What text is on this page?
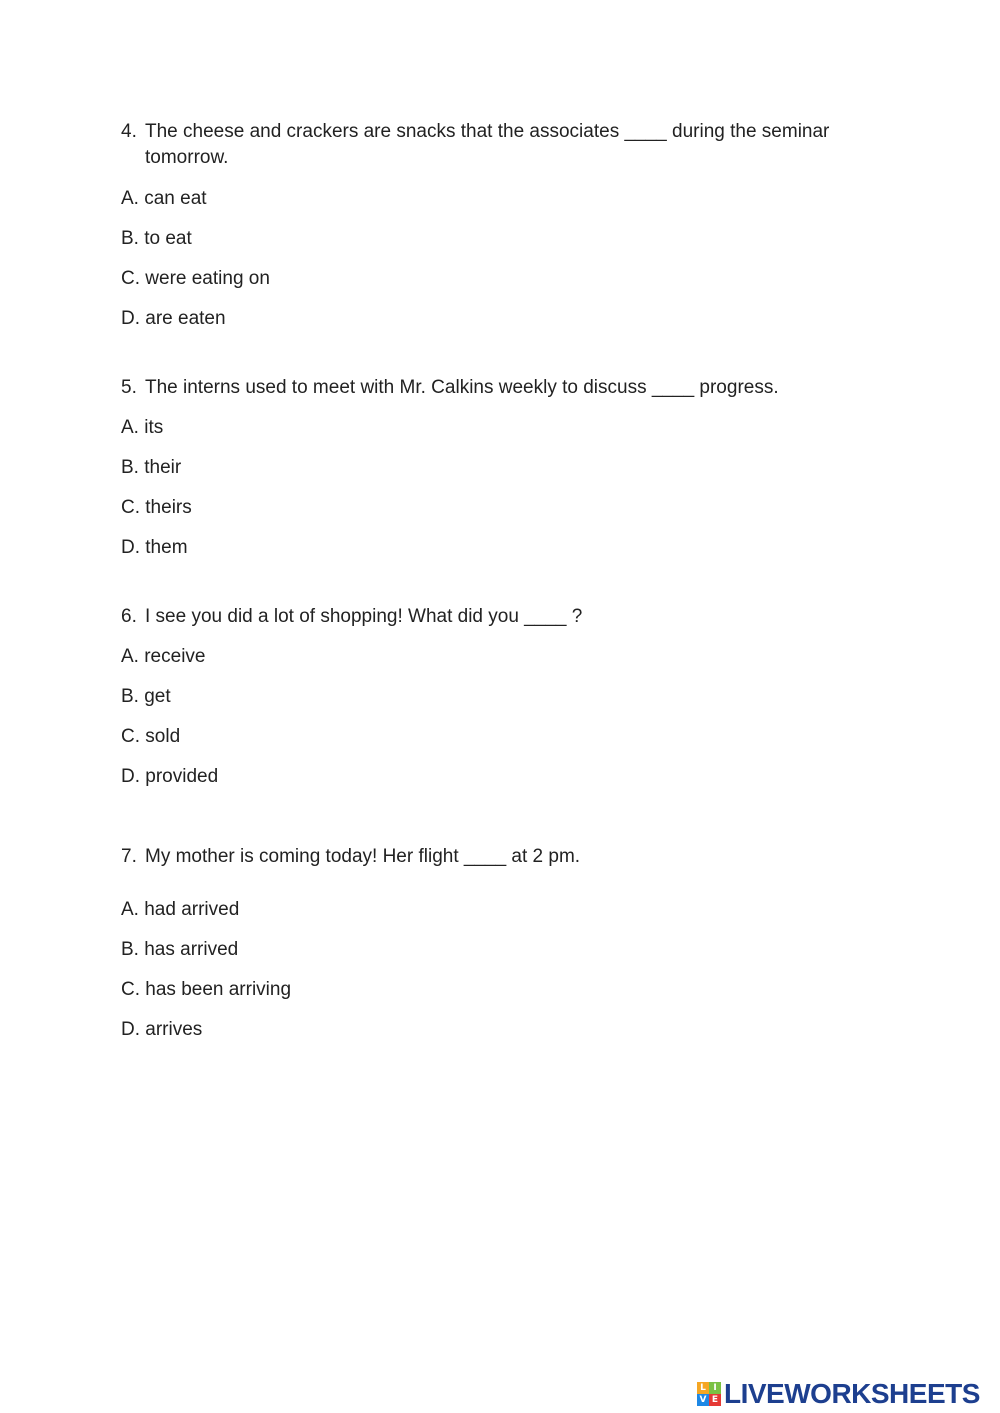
4. The cheese and crackers are snacks that the associates ____ during the seminar tomorrow.
A. can eat
B. to eat
C. were eating on
D. are eaten
5. The interns used to meet with Mr. Calkins weekly to discuss ____ progress.
A. its
B. their
C. theirs
D. them
6. I see you did a lot of shopping! What did you ____ ?
A. receive
B. get
C. sold
D. provided
7. My mother is coming today! Her flight ____ at 2 pm.
A. had arrived
B. has arrived
C. has been arriving
D. arrives
L I
V E LIVEWORKSHEETS
